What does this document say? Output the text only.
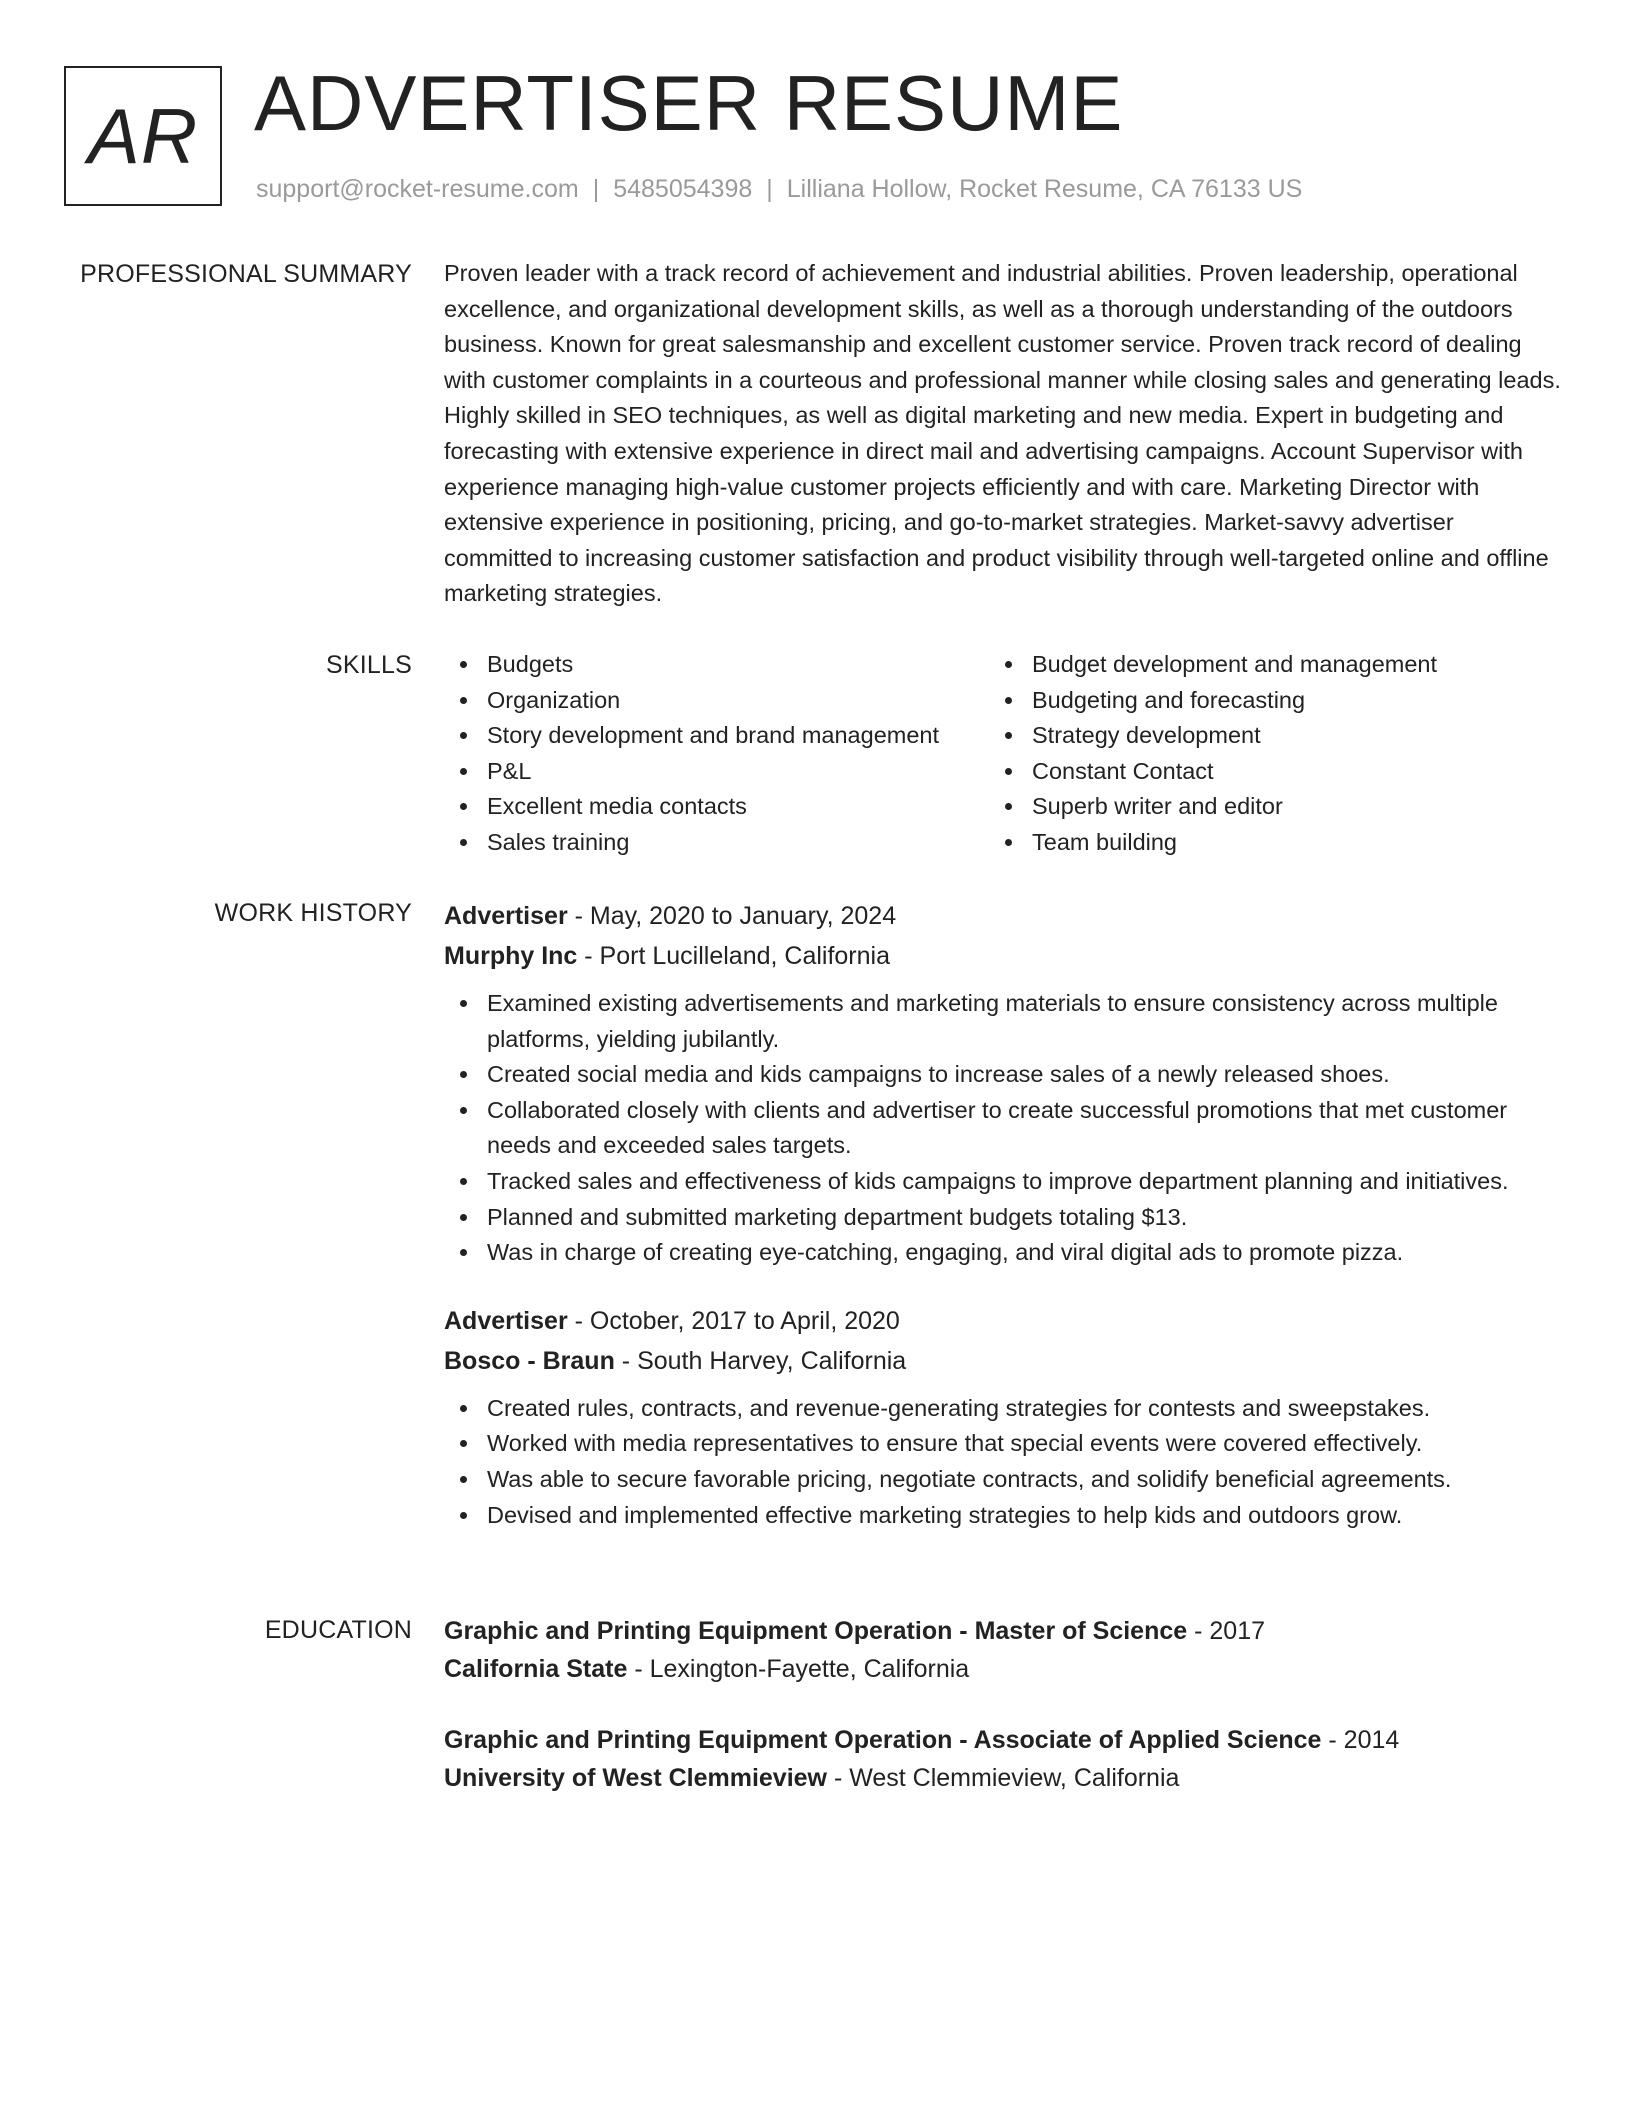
AR ADVERTISER RESUME
support@rocket-resume.com | 5485054398 | Lilliana Hollow, Rocket Resume, CA 76133 US
PROFESSIONAL SUMMARY Proven leader with a track record of achievement and industrial abilities. Proven leadership, operational excellence, and organizational development skills, as well as a thorough understanding of the outdoors business. Known for great salesmanship and excellent customer service. Proven track record of dealing with customer complaints in a courteous and professional manner while closing sales and generating leads. Highly skilled in SEO techniques, as well as digital marketing and new media. Expert in budgeting and forecasting with extensive experience in direct mail and advertising campaigns. Account Supervisor with experience managing high-value customer projects efficiently and with care. Marketing Director with extensive experience in positioning, pricing, and go-to-market strategies. Market-savvy advertiser committed to increasing customer satisfaction and product visibility through well-targeted online and offline marketing strategies.

SKILLS	Budgets
Organization
Story development and brand management
P&L
Excellent media contacts
Sales training
Budget development and management
Budgeting and forecasting
Strategy development
Constant Contact
Superb writer and editor
Team building
WORK HISTORY Advertiser - May, 2020 to January, 2024
Murphy Inc - Port Lucilleland, California
Examined existing advertisements and marketing materials to ensure consistency across multiple platforms, yielding jubilantly.
Created social media and kids campaigns to increase sales of a newly released shoes.
Collaborated closely with clients and advertiser to create successful promotions that met customer needs and exceeded sales targets.
Tracked sales and effectiveness of kids campaigns to improve department planning and initiatives.
Planned and submitted marketing department budgets totaling $13.
Was in charge of creating eye-catching, engaging, and viral digital ads to promote pizza.
Advertiser - October, 2017 to April, 2020
Bosco - Braun - South Harvey, California
Created rules, contracts, and revenue-generating strategies for contests and sweepstakes.
Worked with media representatives to ensure that special events were covered effectively.
Was able to secure favorable pricing, negotiate contracts, and solidify beneficial agreements.
Devised and implemented effective marketing strategies to help kids and outdoors grow.
EDUCATION Graphic and Printing Equipment Operation - Master of Science - 2017
California State - Lexington-Fayette, California
Graphic and Printing Equipment Operation - Associate of Applied Science - 2014
University of West Clemmieview - West Clemmieview, California
